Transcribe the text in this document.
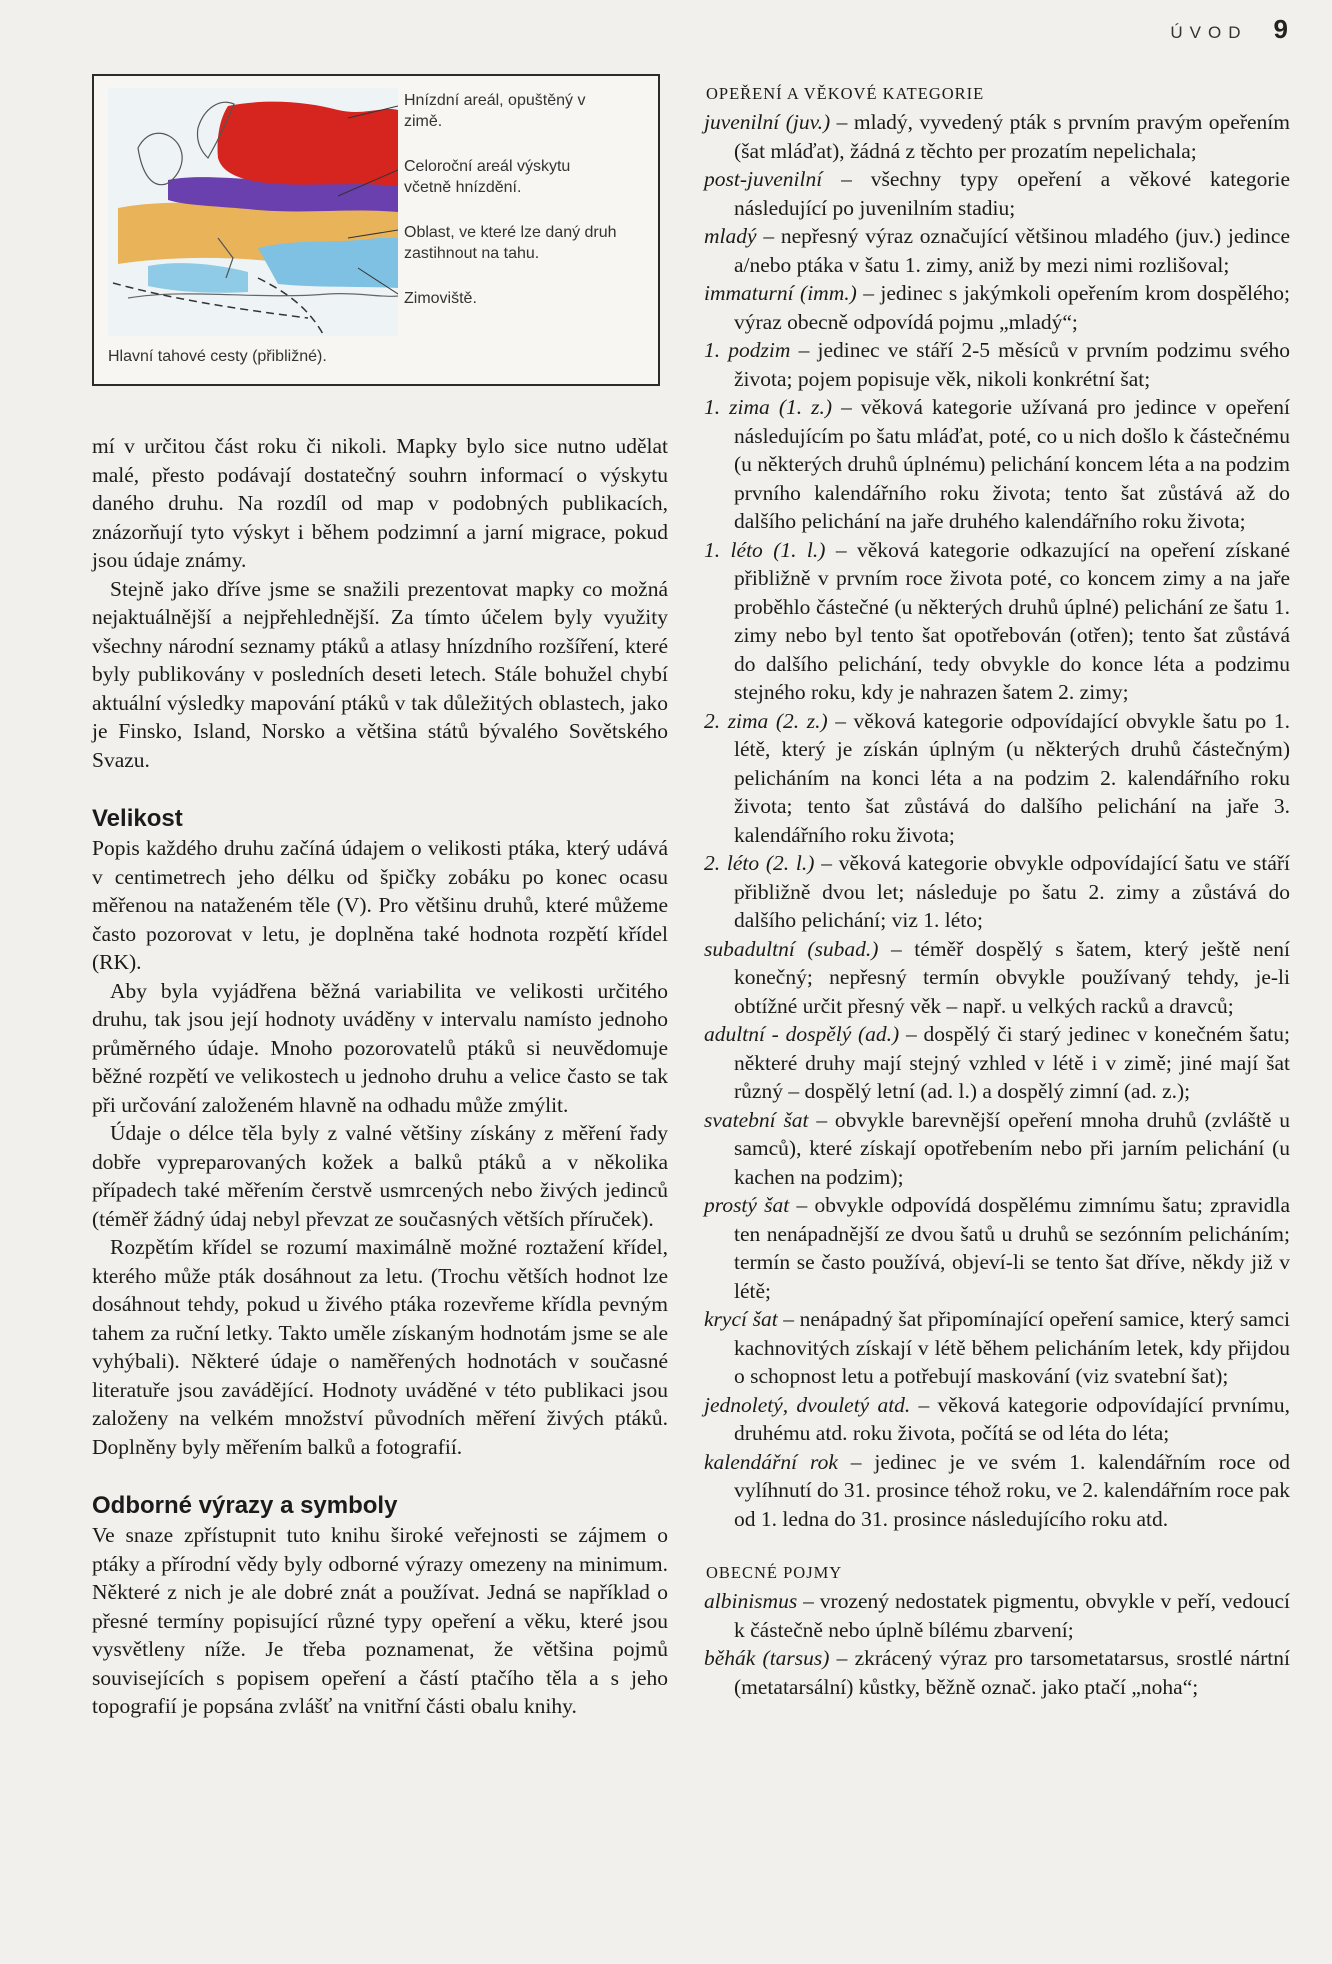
ÚVOD 9
Hnízdní areál, opuštěný v zimě.
Celoroční areál výskytu včetně hnízdění.
Oblast, ve které lze daný druh zastihnout na tahu.
Zimoviště.
Hlavní tahové cesty (přibližné).

mí v určitou část roku či nikoli. Mapky bylo sice nutno udělat malé, přesto podávají dostatečný souhrn informací o výskytu daného druhu. Na rozdíl od map v podobných publikacích, znázorňují tyto výskyt i během podzimní a jarní migrace, pokud jsou údaje známy.

Stejně jako dříve jsme se snažili prezentovat mapky co možná nejaktuálnější a nejpřehlednější. Za tímto účelem byly využity všechny národní seznamy ptáků a atlasy hnízdního rozšíření, které byly publikovány v posledních deseti letech. Stále bohužel chybí aktuální výsledky mapování ptáků v tak důležitých oblastech, jako je Finsko, Island, Norsko a většina států bývalého Sovětského Svazu.

Velikost

Popis každého druhu začíná údajem o velikosti ptáka, který udává v centimetrech jeho délku od špičky zobáku po konec ocasu měřenou na nataženém těle (V). Pro většinu druhů, které můžeme často pozorovat v letu, je doplněna také hodnota rozpětí křídel (RK).

Aby byla vyjádřena běžná variabilita ve velikosti určitého druhu, tak jsou její hodnoty uváděny v intervalu namísto jednoho průměrného údaje. Mnoho pozorovatelů ptáků si neuvědomuje běžné rozpětí ve velikostech u jednoho druhu a velice často se tak při určování založeném hlavně na odhadu může zmýlit.

Údaje o délce těla byly z valné většiny získány z měření řady dobře vypreparovaných kožek a balků ptáků a v několika případech také měřením čerstvě usmrcených nebo živých jedinců (téměř žádný údaj nebyl převzat ze současných větších příruček).

Rozpětím křídel se rozumí maximálně možné roztažení křídel, kterého může pták dosáhnout za letu. (Trochu větších hodnot lze dosáhnout tehdy, pokud u živého ptáka rozevřeme křídla pevným tahem za ruční letky. Takto uměle získaným hodnotám jsme se ale vyhýbali). Některé údaje o naměřených hodnotách v současné literatuře jsou zavádějící. Hodnoty uváděné v této publikaci jsou založeny na velkém množství původních měření živých ptáků. Doplněny byly měřením balků a fotografií.

Odborné výrazy a symboly

Ve snaze zpřístupnit tuto knihu široké veřejnosti se zájmem o ptáky a přírodní vědy byly odborné výrazy omezeny na minimum. Některé z nich je ale dobré znát a používat. Jedná se například o přesné termíny popisující různé typy opeření a věku, které jsou vysvětleny níže. Je třeba poznamenat, že většina pojmů souvisejících s popisem opeření a částí ptačího těla a s jeho topografií je popsána zvlášť na vnitřní části obalu knihy.

OPEŘENÍ A VĚKOVÉ KATEGORIE

juvenilní (juv.) – mladý, vyvedený pták s prvním pravým opeřením (šat mláďat), žádná z těchto per prozatím nepelichala;

post-juvenilní – všechny typy opeření a věkové kategorie následující po juvenilním stadiu;

mladý – nepřesný výraz označující většinou mladého (juv.) jedince a/nebo ptáka v šatu 1. zimy, aniž by mezi nimi rozlišoval;

immaturní (imm.) – jedinec s jakýmkoli opeřením krom dospělého; výraz obecně odpovídá pojmu „mladý“;

1. podzim – jedinec ve stáří 2-5 měsíců v prvním podzimu svého života; pojem popisuje věk, nikoli konkrétní šat;

1. zima (1. z.) – věková kategorie užívaná pro jedince v opeření následujícím po šatu mláďat, poté, co u nich došlo k částečnému (u některých druhů úplnému) pelichání koncem léta a na podzim prvního kalendářního roku života; tento šat zůstává až do dalšího pelichání na jaře druhého kalendářního roku života;

1. léto (1. l.) – věková kategorie odkazující na opeření získané přibližně v prvním roce života poté, co koncem zimy a na jaře proběhlo částečné (u některých druhů úplné) pelichání ze šatu 1. zimy nebo byl tento šat opotřebován (otřen); tento šat zůstává do dalšího pelichání, tedy obvykle do konce léta a podzimu stejného roku, kdy je nahrazen šatem 2. zimy;

2. zima (2. z.) – věková kategorie odpovídající obvykle šatu po 1. létě, který je získán úplným (u některých druhů částečným) pelicháním na konci léta a na podzim 2. kalendářního roku života; tento šat zůstává do dalšího pelichání na jaře 3. kalendářního roku života;

2. léto (2. l.) – věková kategorie obvykle odpovídající šatu ve stáří přibližně dvou let; následuje po šatu 2. zimy a zůstává do dalšího pelichání; viz 1. léto;

subadultní (subad.) – téměř dospělý s šatem, který ještě není konečný; nepřesný termín obvykle používaný tehdy, je-li obtížné určit přesný věk – např. u velkých racků a dravců;

adultní - dospělý (ad.) – dospělý či starý jedinec v konečném šatu; některé druhy mají stejný vzhled v létě i v zimě; jiné mají šat různý – dospělý letní (ad. l.) a dospělý zimní (ad. z.);

svatební šat – obvykle barevnější opeření mnoha druhů (zvláště u samců), které získají opotřebením nebo při jarním pelichání (u kachen na podzim);

prostý šat – obvykle odpovídá dospělému zimnímu šatu; zpravidla ten nenápadnější ze dvou šatů u druhů se sezónním pelicháním; termín se často používá, objeví-li se tento šat dříve, někdy již v létě;

krycí šat – nenápadný šat připomínající opeření samice, který samci kachnovitých získají v létě během pelicháním letek, kdy přijdou o schopnost letu a potřebují maskování (viz svatební šat);

jednoletý, dvouletý atd. – věková kategorie odpovídající prvnímu, druhému atd. roku života, počítá se od léta do léta;

kalendářní rok – jedinec je ve svém 1. kalendářním roce od vylíhnutí do 31. prosince téhož roku, ve 2. kalendářním roce pak od 1. ledna do 31. prosince následujícího roku atd.

OBECNÉ POJMY

albinismus – vrozený nedostatek pigmentu, obvykle v peří, vedoucí k částečně nebo úplně bílému zbarvení;

běhák (tarsus) – zkrácený výraz pro tarsometatarsus, srostlé nártní (metatarsální) kůstky, běžně označ. jako ptačí „noha“;
